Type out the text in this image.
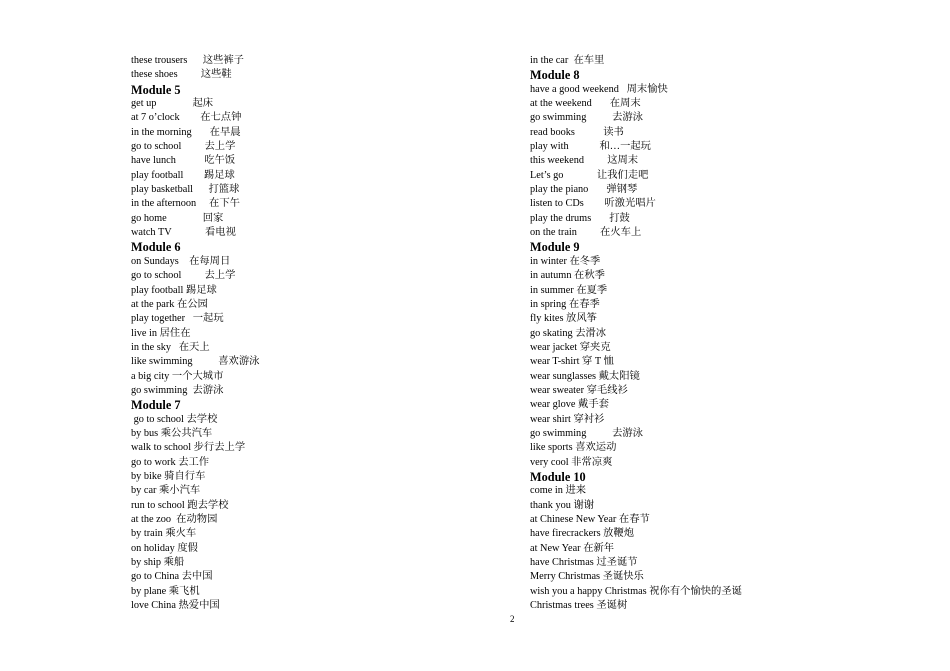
these trousers      这些裤子
these shoes         这些鞋
Module 5
get up              起床
at 7 o’clock        在七点钟
in the morning       在早晨
go to school         去上学
have lunch           吃午饭
play football        踢足球
play basketball      打篮球
in the afternoon     在下午
go home              回家
watch TV             看电视
Module 6
on Sundays    在每周日
go to school         去上学
play football 踢足球
at the park 在公园
play together   一起玩
live in 居住在
in the sky   在天上
like swimming          喜欢游泳
a big city 一个大城市
go swimming  去游泳
Module 7
go to school 去学校
by bus 乘公共汽车
walk to school 步行去上学
go to work 去工作
by bike 骑自行车
by car 乘小汽车
run to school 跑去学校
at the zoo  在动物园
by train 乘火车
on holiday 度假
by ship 乘船
go to China 去中国
by plane 乘飞机
love China 热爱中国
in the car  在车里
Module 8
have a good weekend   周末愉快
at the weekend       在周末
go swimming          去游泳
read books           读书
play with            和…一起玩
this weekend         这周末
Let’s go             让我们走吧
play the piano       弹钢琴
listen to CDs        听激光唱片
play the drums       打鼓
on the train         在火车上
Module 9
in winter 在冬季
in autumn 在秋季
in summer 在夏季
in spring 在春季
fly kites 放风筝
go skating 去滑冰
wear jacket 穿夹克
wear T-shirt 穿 T 恤
wear sunglasses 戴太阳镜
wear sweater 穿毛线衫
wear glove 戴手套
wear shirt 穿衬衫
go swimming          去游泳
like sports 喜欢运动
very cool 非常凉爽
Module 10
come in 进来
thank you 谢谢
at Chinese New Year 在春节
have firecrackers 放鞭炮
at New Year 在新年
have Christmas 过圣诞节
Merry Christmas 圣诞快乐
wish you a happy Christmas 祝你有个愉快的圣诞
Christmas trees 圣诞树
2
